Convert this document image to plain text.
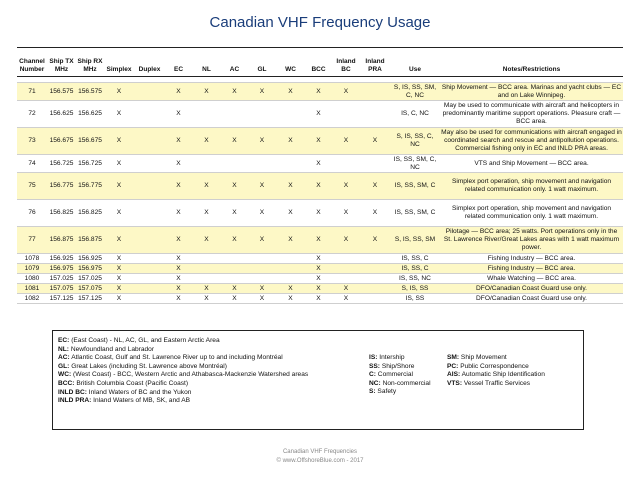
Canadian VHF Frequency Usage
Channel Number	Ship TX MHz	Ship RX MHz	Simplex	Duplex	EC	NL	AC	GL	WC	BCC	Inland BC	Inland PRA	Use	Notes/Restrictions

71	156.575	156.575	X		X	X	X	X	X	X	X		S, IS, SS, SM, C, NC	Ship Movement — BCC area. Marinas and yacht clubs — EC and on Lake Winnipeg.
72	156.625	156.625	X		X					X			IS, C, NC	May be used to communicate with aircraft and helicopters in predominantly maritime support operations. Pleasure craft — BCC area.
73	156.675	156.675	X		X	X	X	X	X	X	X	X	S, IS, SS, C, NC	May also be used for communications with aircraft engaged in coordinated search and rescue and antipollution operations. Commercial fishing only in EC and INLD PRA areas.
74	156.725	156.725	X		X					X			IS, SS, SM, C, NC	VTS and Ship Movement — BCC area.
75	156.775	156.775	X		X	X	X	X	X	X	X	X	IS, SS, SM, C	Simplex port operation, ship movement and navigation related communication only. 1 watt maximum.
76	156.825	156.825	X		X	X	X	X	X	X	X	X	IS, SS, SM, C	Simplex port operation, ship movement and navigation related communication only. 1 watt maximum.
77	156.875	156.875	X		X	X	X	X	X	X	X	X	S, IS, SS, SM	Pilotage — BCC area; 25 watts. Port operations only in the St. Lawrence River/Great Lakes areas with 1 watt maximum power.
1078	156.925	156.925	X		X					X			IS, SS, C	Fishing Industry — BCC area.
1079	156.975	156.975	X		X					X			IS, SS, C	Fishing Industry — BCC area.
1080	157.025	157.025	X		X					X			IS, SS, NC	Whale Watching — BCC area.
1081	157.075	157.075	X		X	X	X	X	X	X	X		S, IS, SS	DFO/Canadian Coast Guard use only.
1082	157.125	157.125	X		X	X	X	X	X	X	X		IS, SS	DFO/Canadian Coast Guard use only.
EC: (East Coast) - NL, AC, GL, and Eastern Arctic Area
NL: Newfoundland and Labrador
AC: Atlantic Coast, Gulf and St. Lawrence River up to and including Montréal
GL: Great Lakes (including St. Lawrence above Montréal)
WC: (West Coast) - BCC, Western Arctic and Athabasca-Mackenzie Watershed areas
BCC: British Columbia Coast (Pacific Coast)
INLD BC: Inland Waters of BC and the Yukon
INLD PRA: Inland Waters of MB, SK, and AB
IS: Intership
SS: Ship/Shore
C: Commercial
NC: Non-commercial
S: Safety
SM: Ship Movement
PC: Public Correspondence
AIS: Automatic Ship Identification
VTS: Vessel Traffic Services
Canadian VHF Frequencies
© www.OffshoreBlue.com - 2017
